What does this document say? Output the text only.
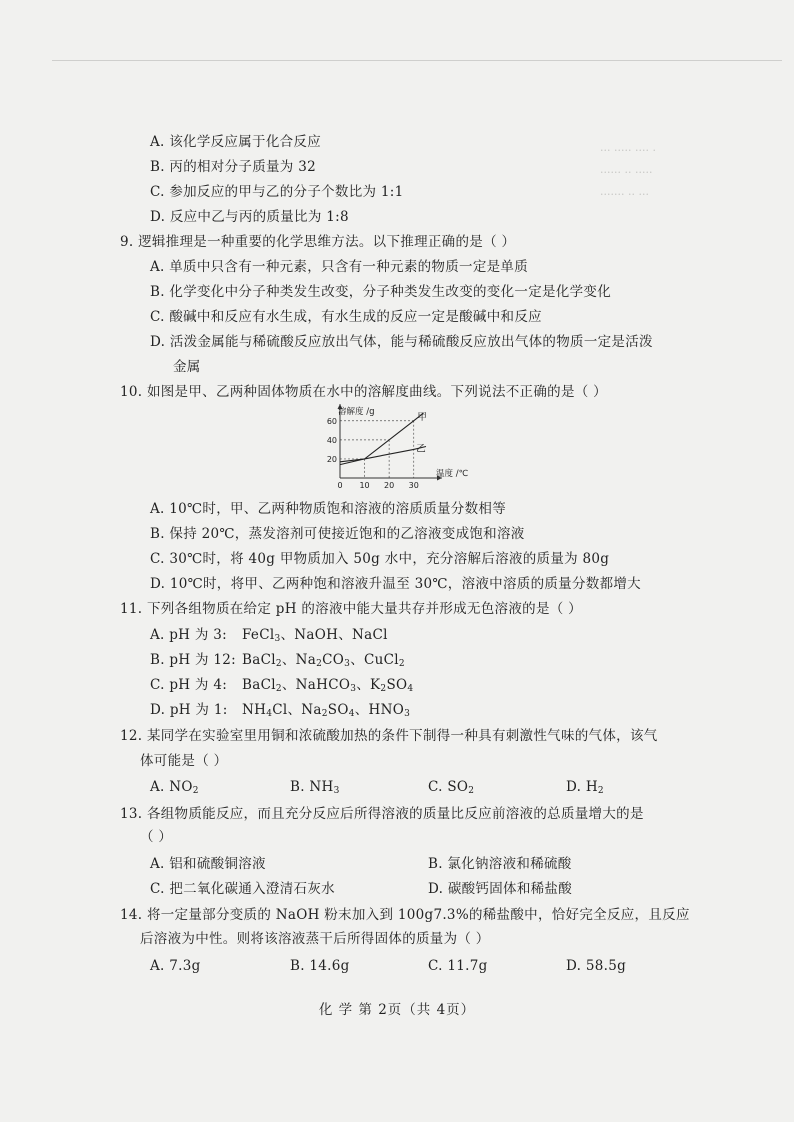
··· ····· ···· ·
······ ·· ·····
······· ·· ···
A. 该化学反应属于化合反应
B. 丙的相对分子质量为 32
C. 参加反应的甲与乙的分子个数比为 1:1
D. 反应中乙与丙的质量比为 1:8
9. 逻辑推理是一种重要的化学思维方法。以下推理正确的是（ ）
A. 单质中只含有一种元素，只含有一种元素的物质一定是单质
B. 化学变化中分子种类发生改变，分子种类发生改变的变化一定是化学变化
C. 酸碱中和反应有水生成，有水生成的反应一定是酸碱中和反应
D. 活泼金属能与稀硫酸反应放出气体，能与稀硫酸反应放出气体的物质一定是活泼
金属
10. 如图是甲、乙两种固体物质在水中的溶解度曲线。下列说法不正确的是（ ）
甲
乙
0 10 20 30
20
40
60
溶解度 /g
温度 /℃
A. 10℃时，甲、乙两种物质饱和溶液的溶质质量分数相等
B. 保持 20℃，蒸发溶剂可使接近饱和的乙溶液变成饱和溶液
C. 30℃时，将 40g 甲物质加入 50g 水中，充分溶解后溶液的质量为 80g
D. 10℃时，将甲、乙两种饱和溶液升温至 30℃，溶液中溶质的质量分数都增大
11. 下列各组物质在给定 pH 的溶液中能大量共存并形成无色溶液的是（ ）
A. pH 为 3: FeCl$_3$、NaOH、NaCl
B. pH 为 12: BaCl$_2$、$Na_2CO_3$、CuCl$_2$
C. pH 为 4: BaCl$_2$、NaHCO$_3$、$K_2SO_4$
D. pH 为 1: $NH_4Cl$、$Na_2SO_4$、$HNO_3$
12. 某同学在实验室里用铜和浓硫酸加热的条件下制得一种具有刺激性气味的气体，该气
体可能是（ ）
A. $NO_2$	B. $NH_3$	C. $SO_2$	D. $H_2$
13. 各组物质能反应，而且充分反应后所得溶液的质量比反应前溶液的总质量增大的是
（ ）
A. 铝和硫酸铜溶液	B. 氯化钠溶液和稀硫酸
C. 把二氧化碳通入澄清石灰水	D. 碳酸钙固体和稀盐酸
14. 将一定量部分变质的 NaOH 粉末加入到 100g7.3%的稀盐酸中，恰好完全反应，且反应
后溶液为中性。则将该溶液蒸干后所得固体的质量为（ ）
A. 7.3g	B. 14.6g	C. 11.7g	D. 58.5g
化 学 第 2页（共 4页）
